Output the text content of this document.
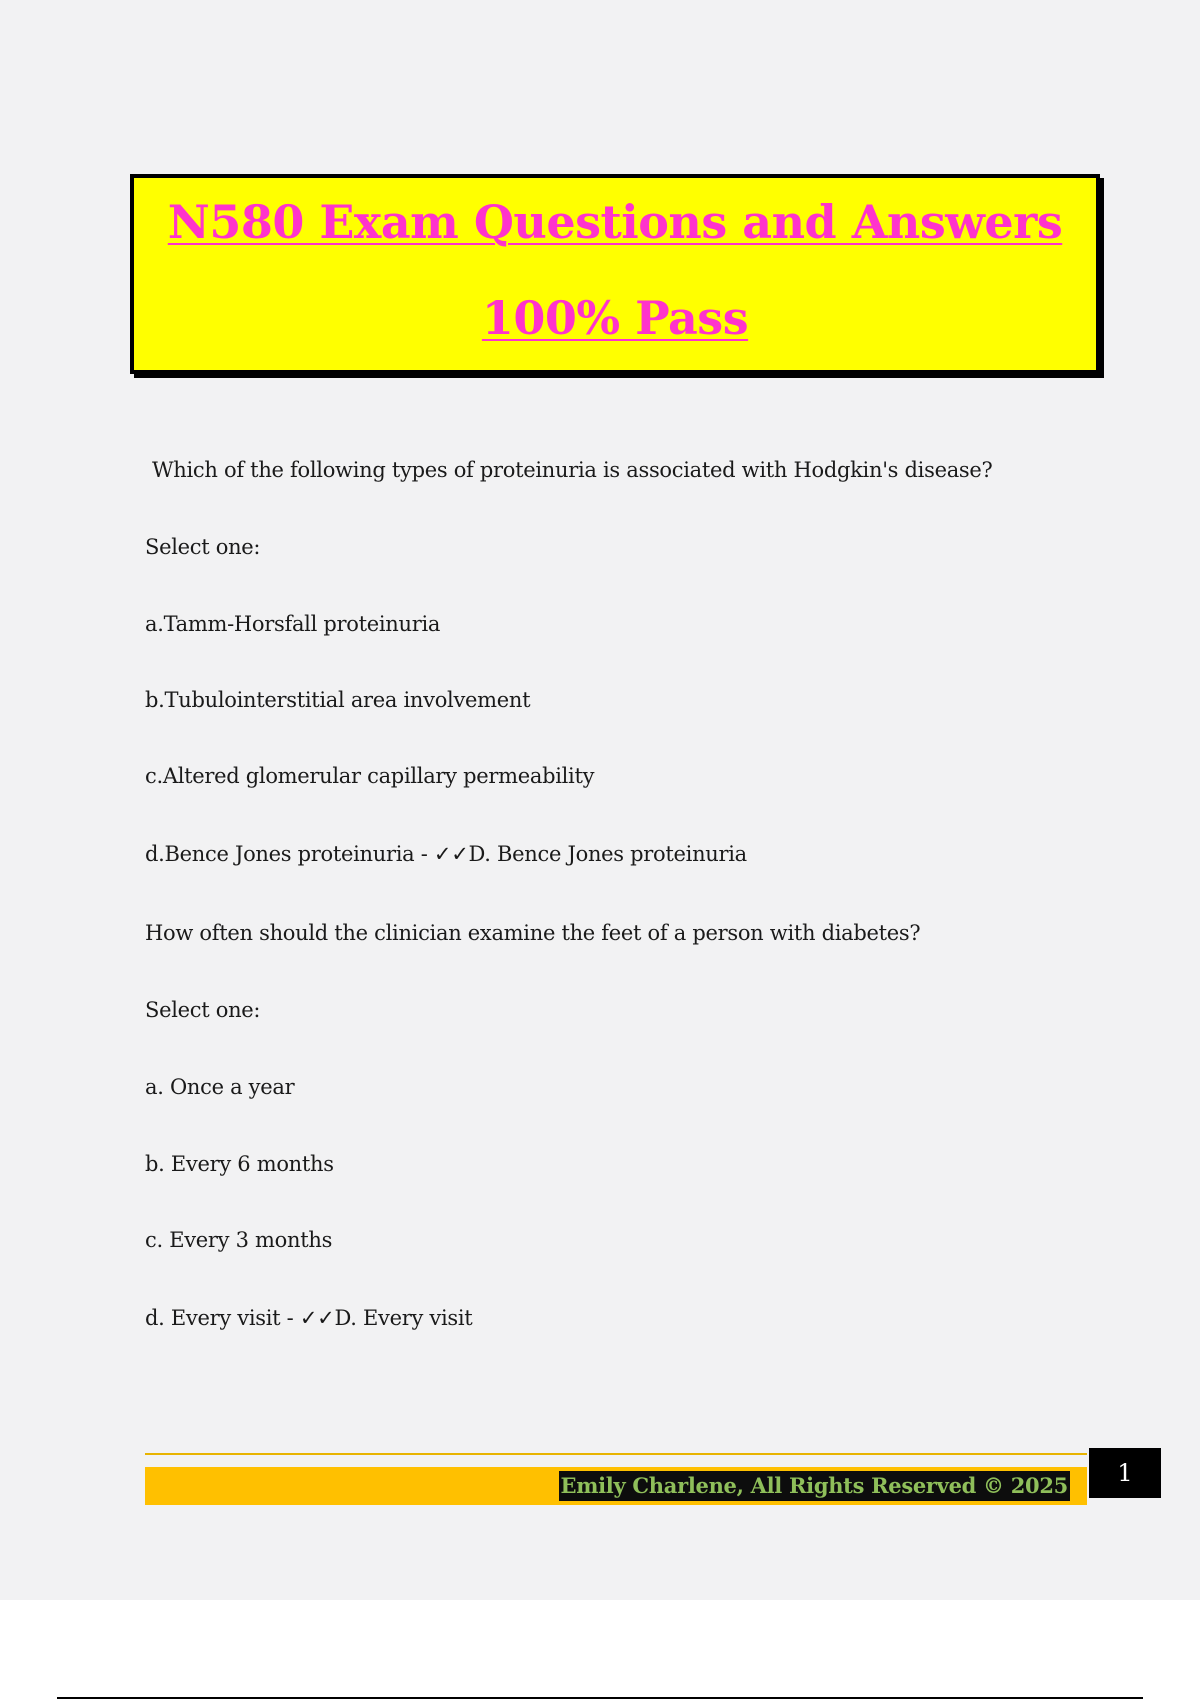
N580 Exam Questions and Answers
100% Pass
Which of the following types of proteinuria is associated with Hodgkin's disease?
Select one:
a.Tamm-Horsfall proteinuria
b.Tubulointerstitial area involvement
c.Altered glomerular capillary permeability
d.Bence Jones proteinuria - ✓✓D. Bence Jones proteinuria
How often should the clinician examine the feet of a person with diabetes?
Select one:
a. Once a year
b. Every 6 months
c. Every 3 months
d. Every visit - ✓✓D. Every visit
Emily Charlene, All Rights Reserved © 2025	1
